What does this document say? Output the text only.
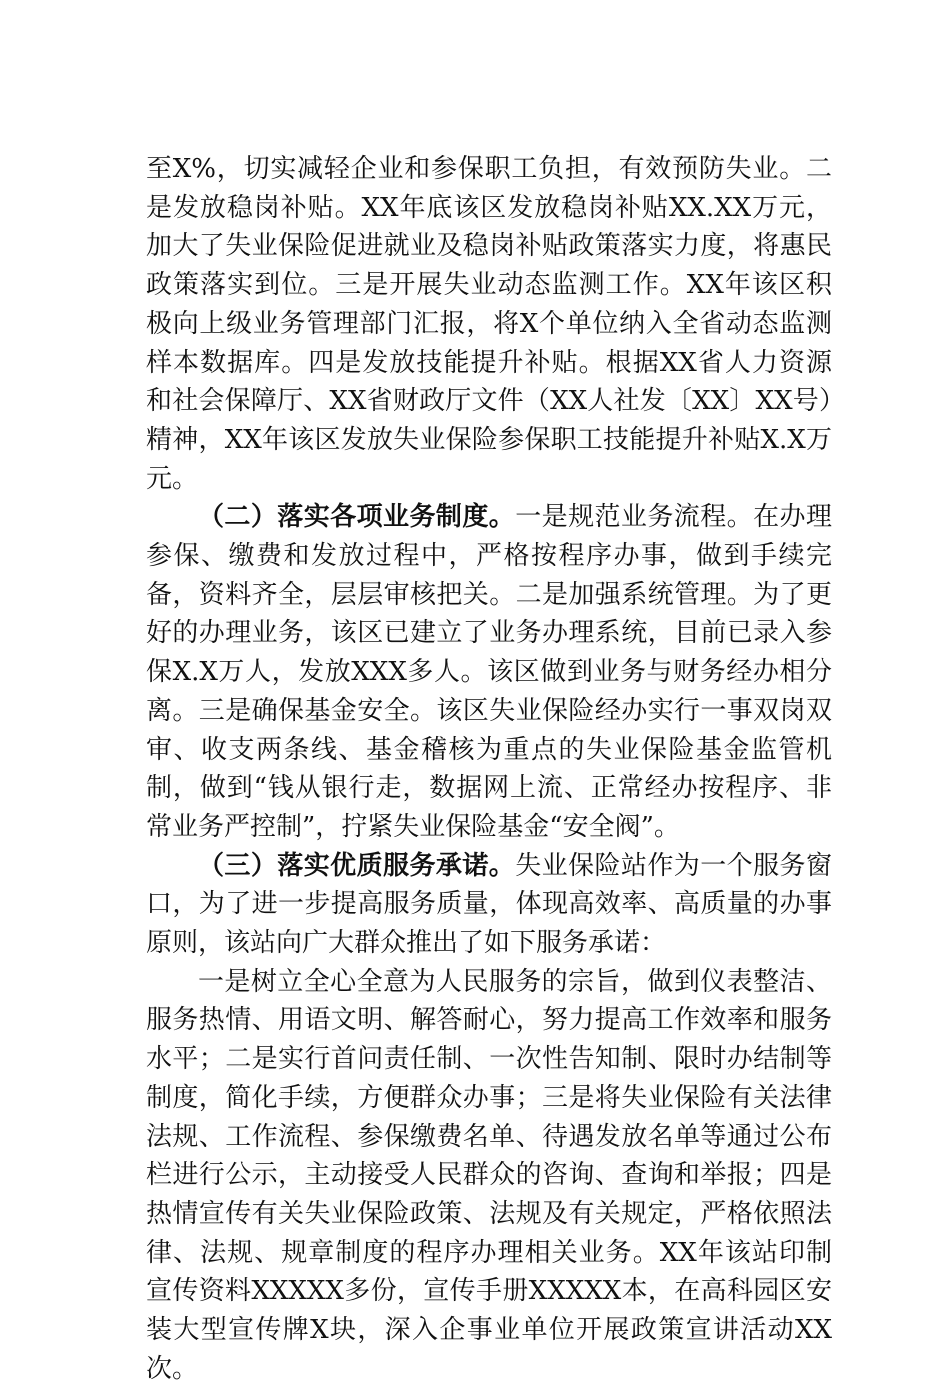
至X%，切实减轻企业和参保职工负担，有效预防失业。二是发放稳岗补贴。XX年底该区发放稳岗补贴XX.XX万元，加大了失业保险促进就业及稳岗补贴政策落实力度，将惠民政策落实到位。三是开展失业动态监测工作。XX年该区积极向上级业务管理部门汇报，将X个单位纳入全省动态监测样本数据库。四是发放技能提升补贴。根据XX省人力资源和社会保障厅、XX省财政厅文件（XX人社发〔XX〕XX号）精神，XX年该区发放失业保险参保职工技能提升补贴X.X万元。

（二）落实各项业务制度。一是规范业务流程。在办理参保、缴费和发放过程中，严格按程序办事，做到手续完备，资料齐全，层层审核把关。二是加强系统管理。为了更好的办理业务，该区已建立了业务办理系统，目前已录入参保X.X万人，发放XXX多人。该区做到业务与财务经办相分离。三是确保基金安全。该区失业保险经办实行一事双岗双审、收支两条线、基金稽核为重点的失业保险基金监管机制，做到“钱从银行走，数据网上流、正常经办按程序、非常业务严控制”，拧紧失业保险基金“安全阀”。

（三）落实优质服务承诺。失业保险站作为一个服务窗口，为了进一步提高服务质量，体现高效率、高质量的办事原则，该站向广大群众推出了如下服务承诺：

一是树立全心全意为人民服务的宗旨，做到仪表整洁、服务热情、用语文明、解答耐心，努力提高工作效率和服务水平；二是实行首问责任制、一次性告知制、限时办结制等制度，简化手续，方便群众办事；三是将失业保险有关法律法规、工作流程、参保缴费名单、待遇发放名单等通过公布栏进行公示，主动接受人民群众的咨询、查询和举报；四是热情宣传有关失业保险政策、法规及有关规定，严格依照法律、法规、规章制度的程序办理相关业务。XX年该站印制宣传资料XXXXX多份，宣传手册XXXXX本，在高科园区安装大型宣传牌X块，深入企事业单位开展政策宣讲活动XX次。
